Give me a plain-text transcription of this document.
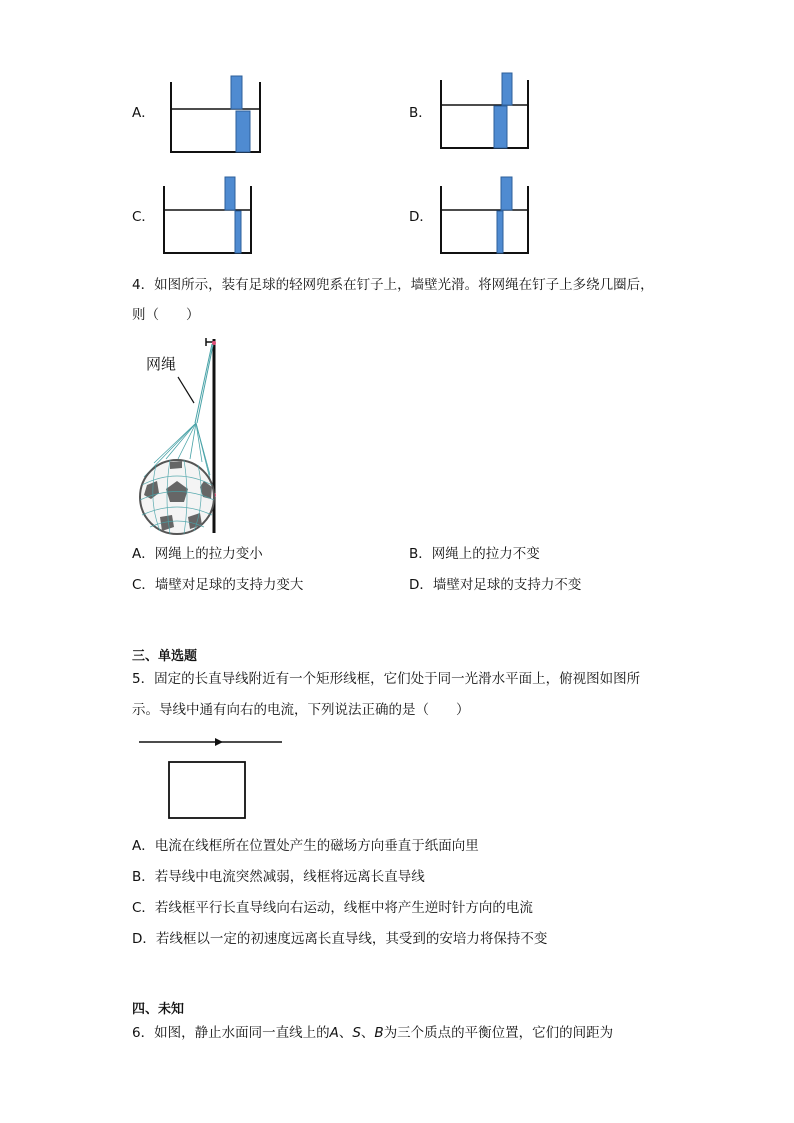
A．	B．
C．	D．
4．如图所示，装有足球的轻网兜系在钉子上，墙壁光滑。将网绳在钉子上多绕几圈后，
则（　　）
网绳
A．网绳上的拉力变小	B．网绳上的拉力不变
C．墙壁对足球的支持力变大	D．墙壁对足球的支持力不变
三、单选题
5．固定的长直导线附近有一个矩形线框，它们处于同一光滑水平面上，俯视图如图所
示。导线中通有向右的电流，下列说法正确的是（　　）
A．电流在线框所在位置处产生的磁场方向垂直于纸面向里
B．若导线中电流突然减弱，线框将远离长直导线
C．若线框平行长直导线向右运动，线框中将产生逆时针方向的电流
D．若线框以一定的初速度远离长直导线，其受到的安培力将保持不变
四、未知
6．如图，静止水面同一直线上的A、S、B为三个质点的平衡位置，它们的间距为
